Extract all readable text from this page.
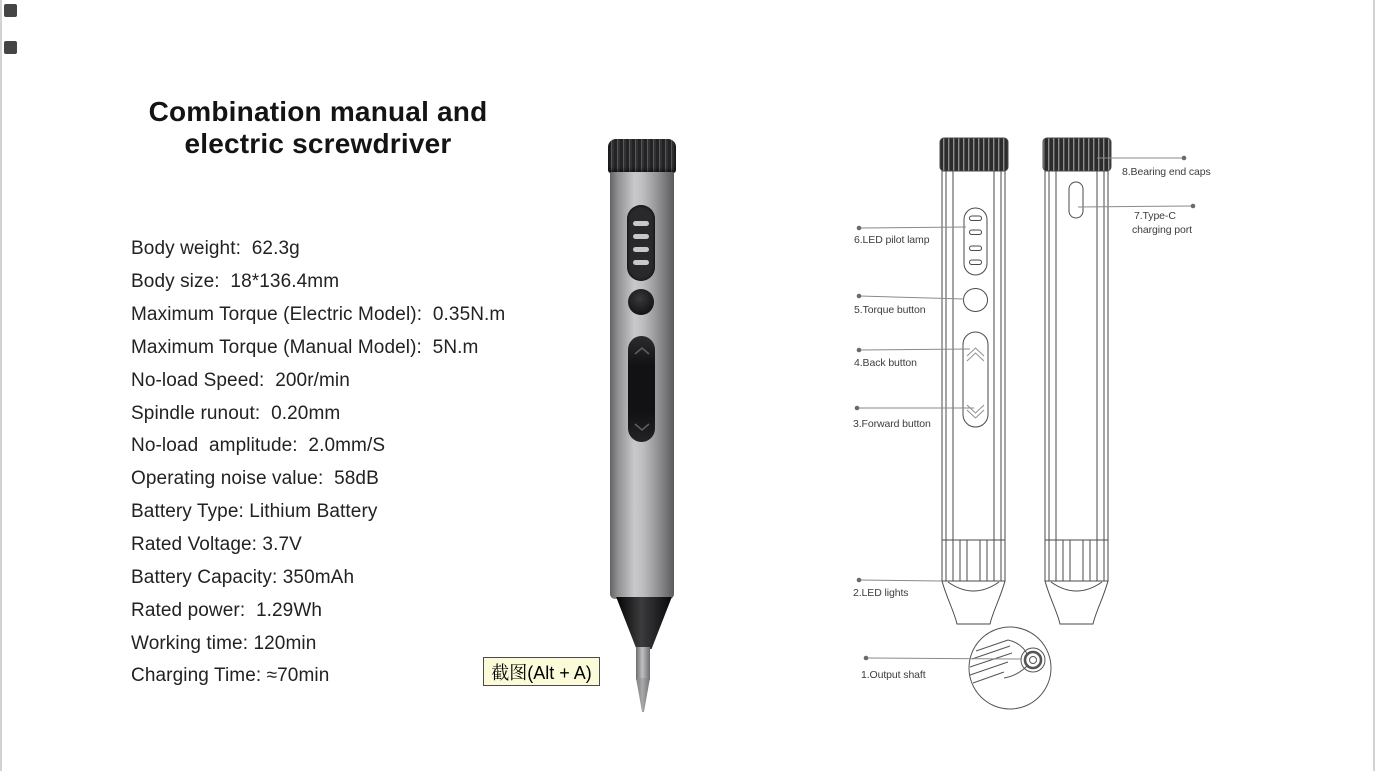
Combination manual and
electric screwdriver
Body weight:  62.3g
Body size:  18*136.4mm
Maximum Torque (Electric Model):  0.35N.m
Maximum Torque (Manual Model):  5N.m
No-load Speed:  200r/min
Spindle runout:  0.20mm
No-load  amplitude:  2.0mm/S
Operating noise value:  58dB
Battery Type: Lithium Battery
Rated Voltage: 3.7V
Battery Capacity: 350mAh
Rated power:  1.29Wh
Working time: 120min
Charging Time: ≈70min	截图(Alt + A)
8.Bearing end caps
7.Type-C
charging port
6.LED pilot lamp
5.Torque button
4.Back button
3.Forward button
2.LED lights
1.Output shaft
